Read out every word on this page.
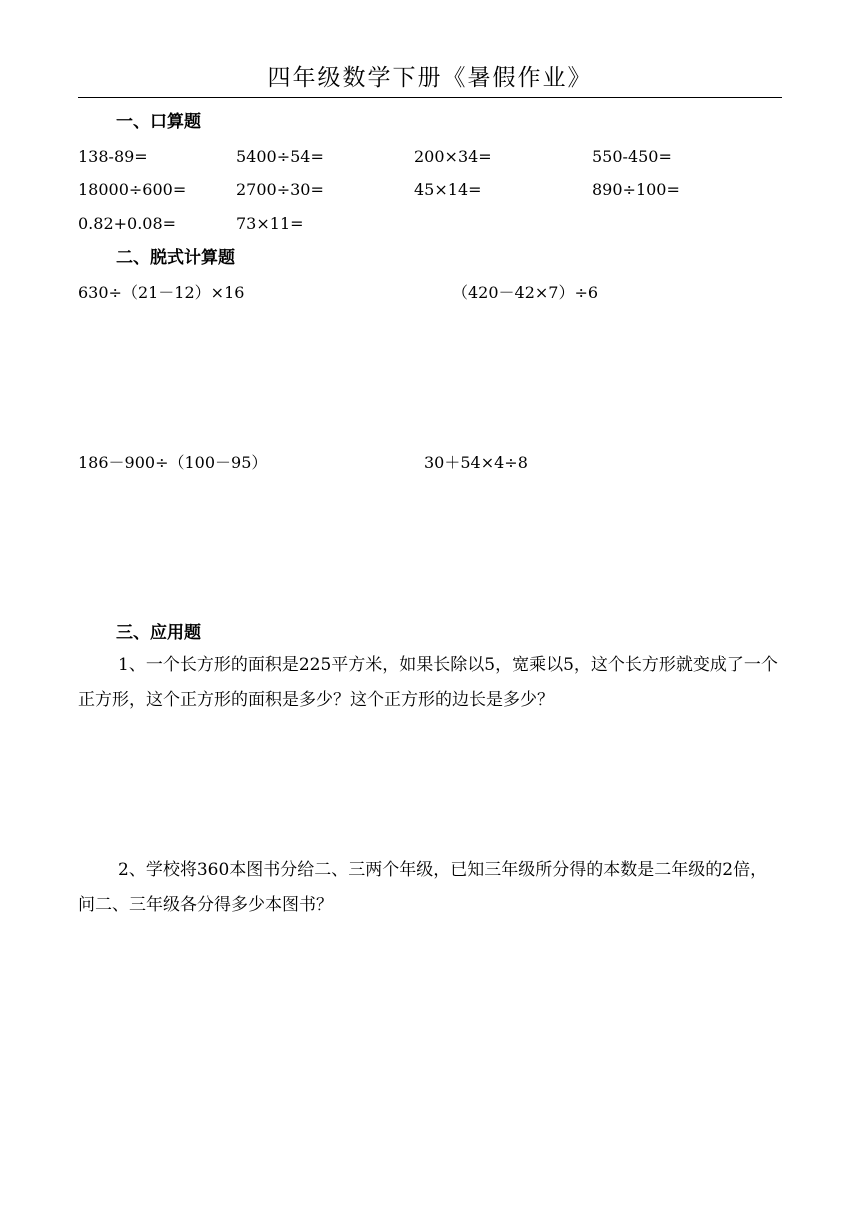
四年级数学下册《暑假作业》
一、口算题
138-89=	5400÷54=	200×34=	550-450=
18000÷600=	2700÷30=	45×14=	890÷100=
0.82+0.08=	73×11=
二、脱式计算题
630÷（21－12）×16	（420－42×7）÷6
186－900÷（100－95）	30＋54×4÷8
三、应用题
1、一个长方形的面积是225平方米，如果长除以5，宽乘以5，这个长方形就变成了一个正方形，这个正方形的面积是多少？这个正方形的边长是多少？
2、学校将360本图书分给二、三两个年级，已知三年级所分得的本数是二年级的2倍，问二、三年级各分得多少本图书？
